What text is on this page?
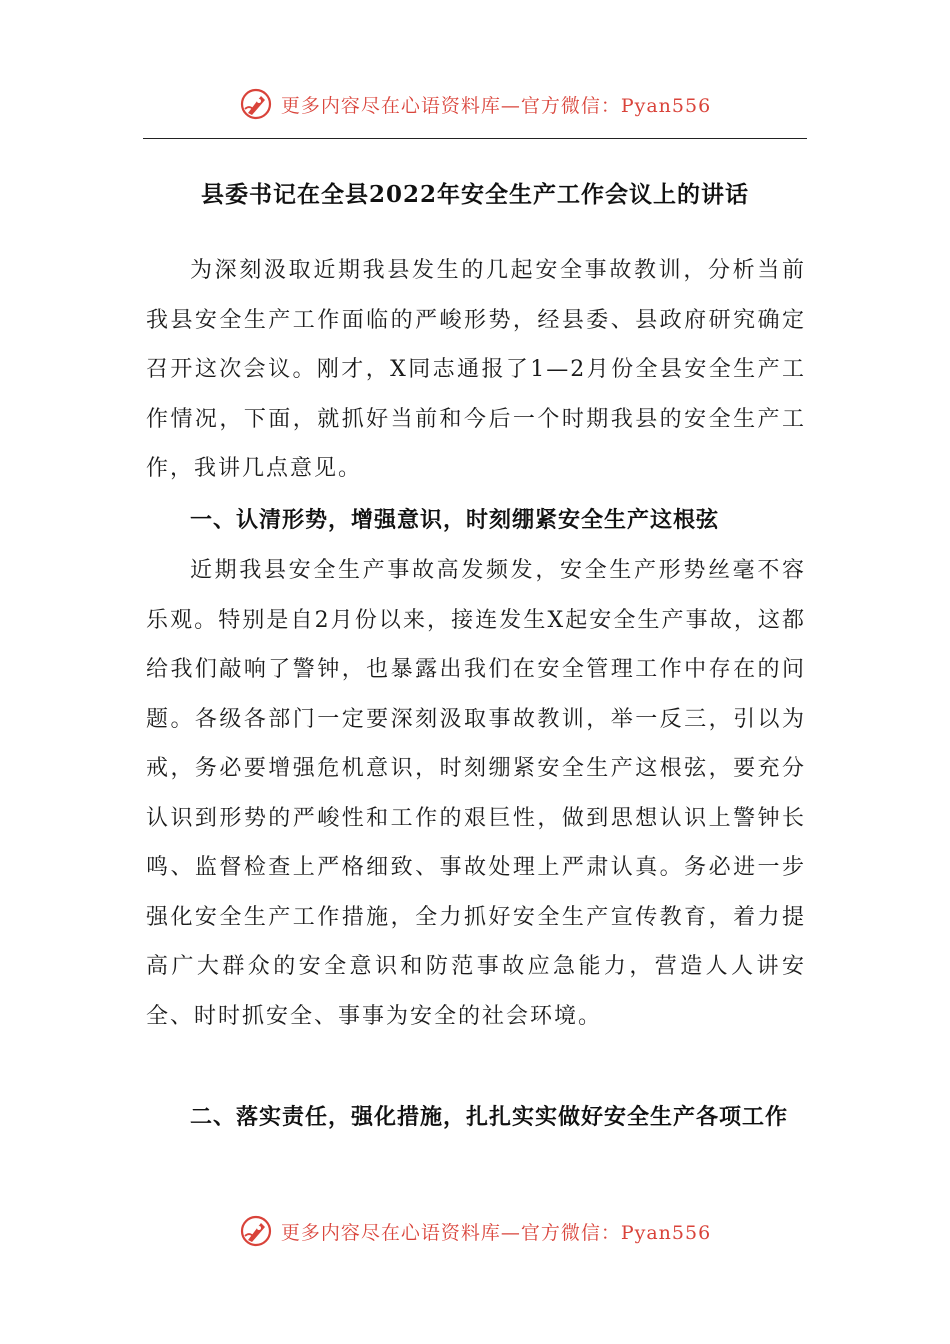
更多内容尽在心语资料库—官方微信：Pyan556
县委书记在全县2022年安全生产工作会议上的讲话

为深刻汲取近期我县发生的几起安全事故教训，分析当前我县安全生产工作面临的严峻形势，经县委、县政府研究确定召开这次会议。刚才，X同志通报了1—2月份全县安全生产工作情况，下面，就抓好当前和今后一个时期我县的安全生产工作，我讲几点意见。

一、认清形势，增强意识，时刻绷紧安全生产这根弦

近期我县安全生产事故高发频发，安全生产形势丝毫不容乐观。特别是自2月份以来，接连发生X起安全生产事故，这都给我们敲响了警钟，也暴露出我们在安全管理工作中存在的问题。各级各部门一定要深刻汲取事故教训，举一反三，引以为戒，务必要增强危机意识，时刻绷紧安全生产这根弦，要充分认识到形势的严峻性和工作的艰巨性，做到思想认识上警钟长鸣、监督检查上严格细致、事故处理上严肃认真。务必进一步强化安全生产工作措施，全力抓好安全生产宣传教育，着力提高广大群众的安全意识和防范事故应急能力，营造人人讲安全、时时抓安全、事事为安全的社会环境。

二、落实责任，强化措施，扎扎实实做好安全生产各项工作

更多内容尽在心语资料库—官方微信：Pyan556
